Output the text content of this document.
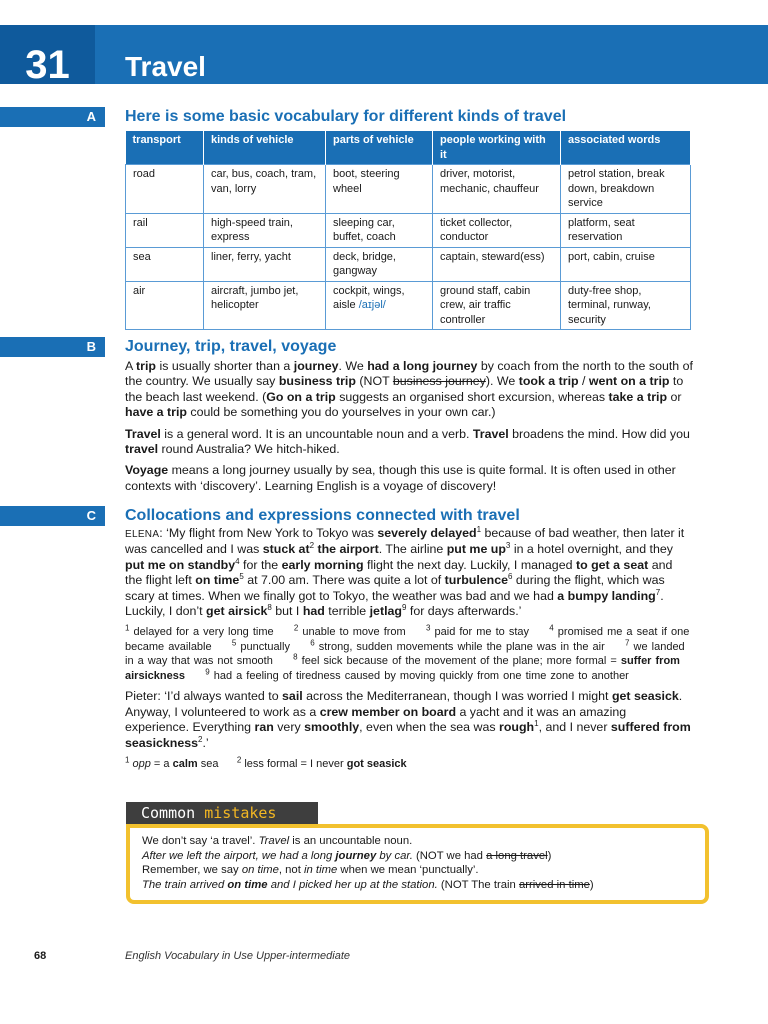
31	Travel
A	Here is some basic vocabulary for different kinds of travel
transport	kinds of vehicle	parts of vehicle	people working with it	associated words
road	car, bus, coach, tram, van, lorry	boot, steering wheel	driver, motorist, mechanic, chauffeur	petrol station, break down, breakdown service
rail	high-speed train, express	sleeping car, buffet, coach	ticket collector, conductor	platform, seat reservation
sea	liner, ferry, yacht	deck, bridge, gangway	captain, steward(ess)	port, cabin, cruise
air	aircraft, jumbo jet, helicopter	cockpit, wings, aisle /aɪjəl/	ground staff, cabin crew, air traffic controller	duty-free shop, terminal, runway, security
B	Journey, trip, travel, voyage

A trip is usually shorter than a journey. We had a long journey by coach from the north to the south of the country. We usually say business trip (NOT business journey). We took a trip / went on a trip to the beach last weekend. (Go on a trip suggests an organised short excursion, whereas take a trip or have a trip could be something you do yourselves in your own car.)

Travel is a general word. It is an uncountable noun and a verb. Travel broadens the mind. How did you travel round Australia? We hitch-hiked.

Voyage means a long journey usually by sea, though this use is quite formal. It is often used in other contexts with ‘discovery’. Learning English is a voyage of discovery!

C	Collocations and expressions connected with travel

ELENA: ‘My flight from New York to Tokyo was severely delayed$^1$ because of bad weather, then later it was cancelled and I was stuck $at^2$ the airport. The airline put me $up^3$ in a hotel overnight, and they put me on standby$^4$ for the early morning flight the next day. Luckily, I managed to get a seat and the flight left on time$^5$ at 7.00 am. There was quite a lot of turbulence$^6$ during the flight, which was scary at times. When we finally got to Tokyo, the weather was bad and we had a bumpy landing$^7$. Luckily, I don’t get airsick$^8$ but I had terrible jetlag$^9$ for days afterwards.’

$^1$ delayed for a very long time	$^2$ unable to move from	$^3$ paid for me to stay	$^4$ promised me a seat if one became available	$^5$ punctually	$^6$ strong, sudden movements while the plane was in the air	$^7$ we landed in a way that was not smooth	$^8$ feel sick because of the movement of the plane; more formal = suffer from airsickness	$^9$ had a feeling of tiredness caused by moving quickly from one time zone to another

Pieter: ‘I’d always wanted to sail across the Mediterranean, though I was worried I might get seasick. Anyway, I volunteered to work as a crew member on board a yacht and it was an amazing experience. Everything ran very smoothly, even when the sea was rough$^1$, and I never suffered from seasickness$^2$.’

$^1$ opp = a calm sea $^2$ less formal = I never got seasick

Common mistakes

We don’t say ‘a travel’. Travel is an uncountable noun.

After we left the airport, we had a long journey by car. (NOT we had a long travel)

Remember, we say on time, not in time when we mean ‘punctually’.

The train arrived on time and I picked her up at the station. (NOT The train arrived in time)

68	English Vocabulary in Use Upper-intermediate
